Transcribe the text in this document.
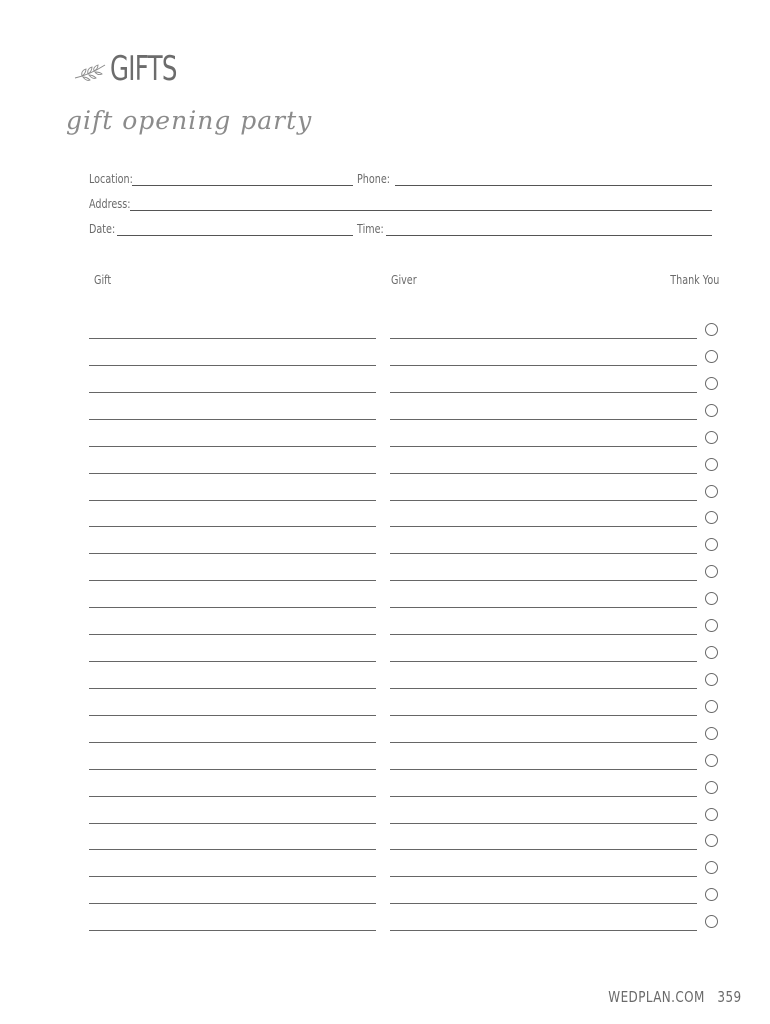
GIFTS
gift opening party
Location:	Phone:
Address:
Date:	Time:
Gift	Giver	Thank You
WEDPLAN.COM 359
